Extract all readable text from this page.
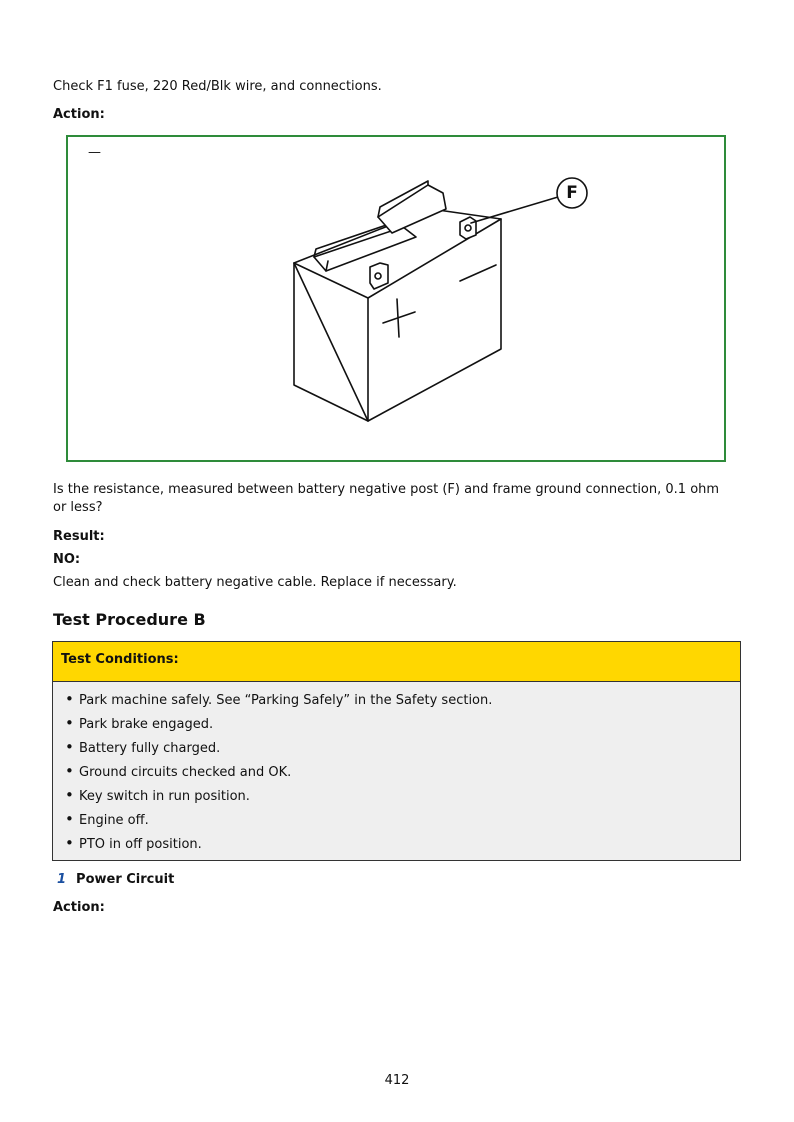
Check F1 fuse, 220 Red/Blk wire, and connections.
Action:
—
F
Is the resistance, measured between battery negative post (F) and frame ground connection, 0.1 ohm or less?
Result:
NO:
Clean and check battery negative cable. Replace if necessary.
Test Procedure B
Test Conditions:
• Park machine safely. See “Parking Safely” in the Safety section.
• Park brake engaged.
• Battery fully charged.
• Ground circuits checked and OK.
• Key switch in run position.
• Engine off.
• PTO in off position.
1 Power Circuit
Action:
412
